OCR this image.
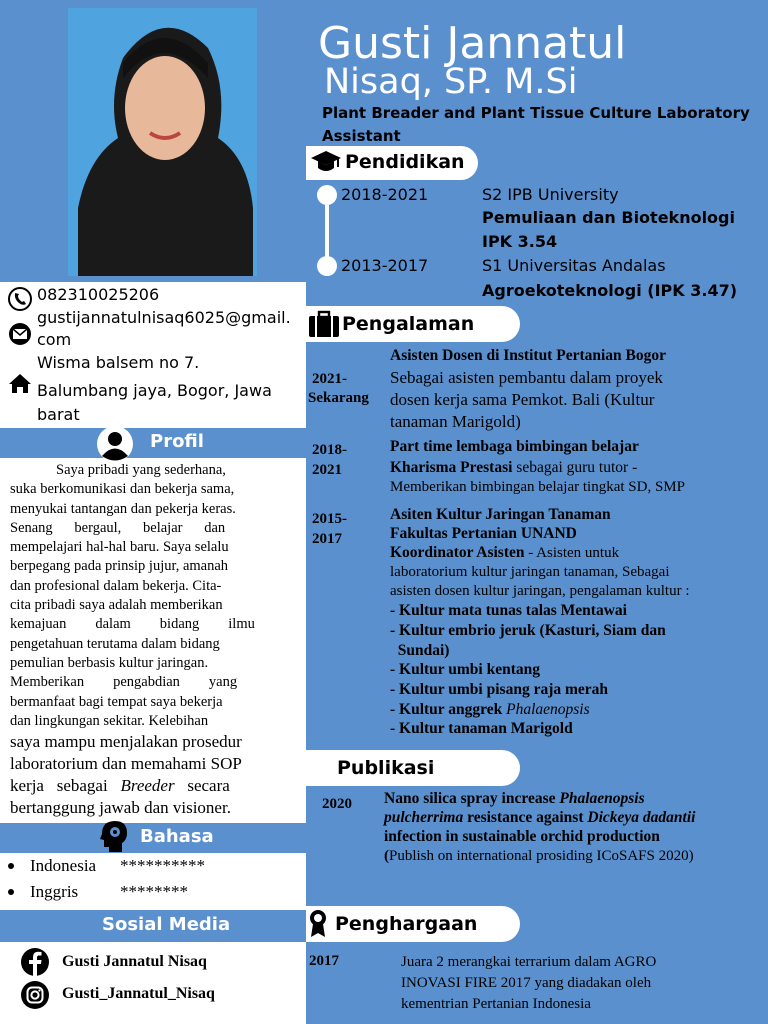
Gusti Jannatul
Nisaq, SP. M.Si
Plant Breader and Plant Tissue Culture Laboratory
Assistant
082310025206
gustijannatulnisaq6025@gmail.
com
Wisma balsem no 7.
Balumbang jaya, Bogor, Jawa
barat
Profil
Saya pribadi yang sederhana,
suka berkomunikasi dan bekerja sama,
menyukai tantangan dan pekerja keras.
Senang      bergaul,      belajar      dan
mempelajari hal-hal baru. Saya selalu
berpegang pada prinsip jujur, amanah
dan profesional dalam bekerja. Cita-
cita pribadi saya adalah memberikan
kemajuan        dalam        bidang        ilmu
pengetahuan terutama dalam bidang
pemulian berbasis kultur jaringan.
Memberikan        pengabdian        yang
bermanfaat bagi tempat saya bekerja
dan lingkungan sekitar. Kelebihan
saya mampu menjalakan prosedur
laboratorium dan memahami SOP
kerja   sebagai   Breeder   secara
bertanggung jawab dan visioner.
Bahasa
Indonesia **********
Inggris ********
Sosial Media
Gusti Jannatul Nisaq
Gusti_Jannatul_Nisaq
Pendidikan
2018-2021	S2 IPB University
Pemuliaan dan Bioteknologi
IPK 3.54
2013-2017	S1 Universitas Andalas
Agroekoteknologi (IPK 3.47)
Pengalaman
2021-
Sekarang
Asisten Dosen di Institut Pertanian Bogor
Sebagai asisten pembantu dalam proyek
dosen kerja sama Pemkot. Bali (Kultur
tanaman Marigold)
2018-
2021
Part time lembaga bimbingan belajar
Kharisma Prestasi sebagai guru tutor -
Memberikan bimbingan belajar tingkat SD, SMP
2015-
2017
Asiten Kultur Jaringan Tanaman
Fakultas Pertanian UNAND
Koordinator Asisten - Asisten untuk
laboratorium kultur jaringan tanaman, Sebagai
asisten dosen kultur jaringan, pengalaman kultur :
- Kultur mata tunas talas Mentawai
- Kultur embrio jeruk (Kasturi, Siam dan
Sundai)
- Kultur umbi kentang
- Kultur umbi pisang raja merah
- Kultur anggrek Phalaenopsis
- Kultur tanaman Marigold
Publikasi
2020 Nano silica spray increase Phalaenopsis
pulcherrima resistance against Dickeya dadantii
infection in sustainable orchid production
(Publish on international prosiding ICoSAFS 2020)
Penghargaan
2017	Juara 2 merangkai terrarium dalam AGRO
INOVASI FIRE 2017 yang diadakan oleh
kementrian Pertanian Indonesia
